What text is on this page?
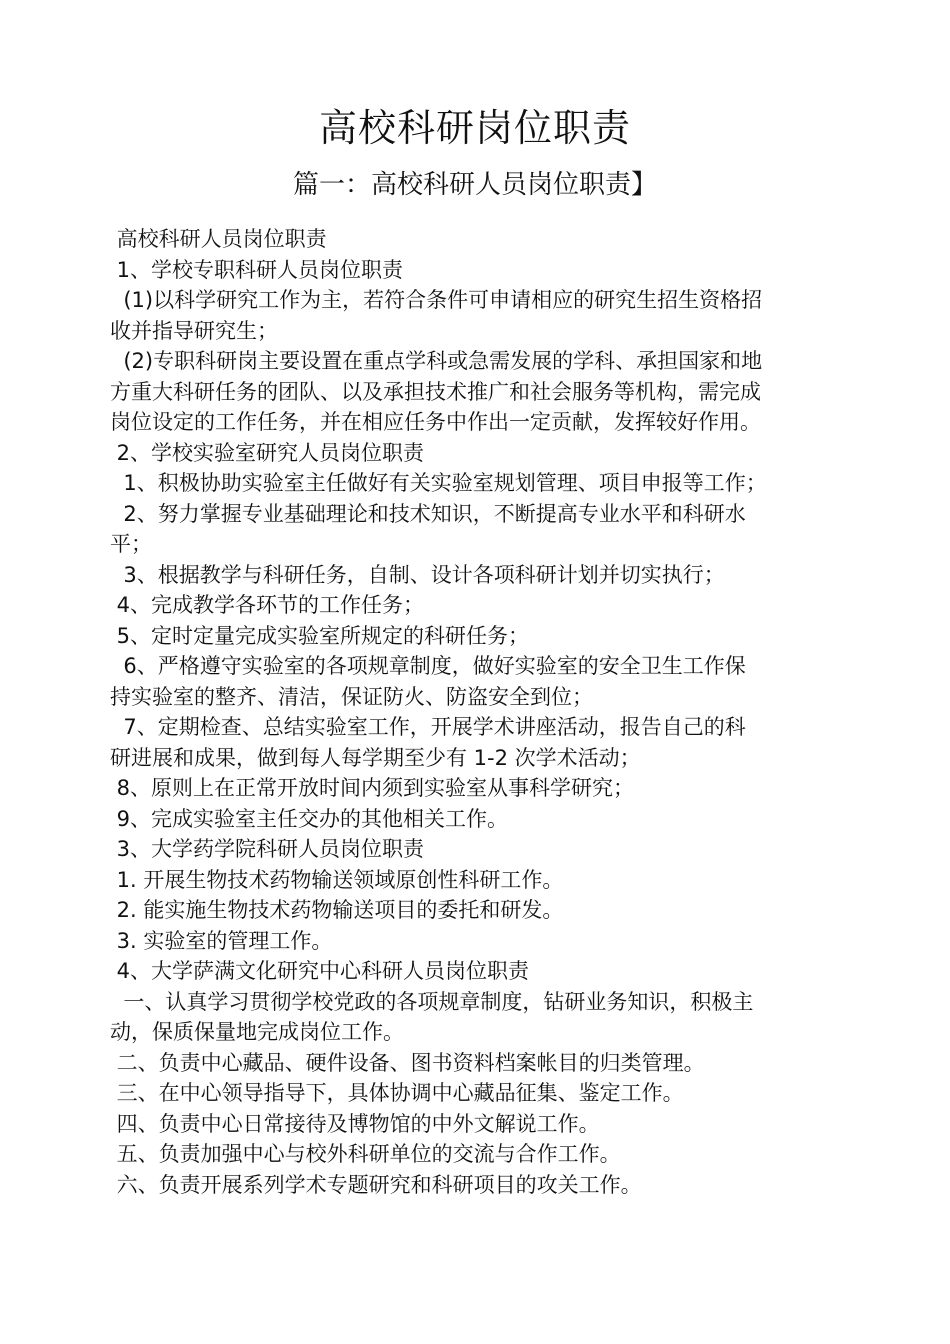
高校科研岗位职责
篇一：高校科研人员岗位职责】

高校科研人员岗位职责

1、学校专职科研人员岗位职责

(1)以科学研究工作为主，若符合条件可申请相应的研究生招生资格招

收并指导研究生；

(2)专职科研岗主要设置在重点学科或急需发展的学科、承担国家和地

方重大科研任务的团队、以及承担技术推广和社会服务等机构，需完成

岗位设定的工作任务，并在相应任务中作出一定贡献，发挥较好作用。

2、学校实验室研究人员岗位职责

1、积极协助实验室主任做好有关实验室规划管理、项目申报等工作；

2、努力掌握专业基础理论和技术知识，不断提高专业水平和科研水

平；

3、根据教学与科研任务，自制、设计各项科研计划并切实执行；

4、完成教学各环节的工作任务；

5、定时定量完成实验室所规定的科研任务；

6、严格遵守实验室的各项规章制度，做好实验室的安全卫生工作保

持实验室的整齐、清洁，保证防火、防盗安全到位；

7、定期检查、总结实验室工作，开展学术讲座活动，报告自己的科

研进展和成果，做到每人每学期至少有 1-2 次学术活动；

8、原则上在正常开放时间内须到实验室从事科学研究；

9、完成实验室主任交办的其他相关工作。

3、大学药学院科研人员岗位职责

1. 开展生物技术药物输送领域原创性科研工作。

2. 能实施生物技术药物输送项目的委托和研发。

3. 实验室的管理工作。

4、大学萨满文化研究中心科研人员岗位职责

一、认真学习贯彻学校党政的各项规章制度，钻研业务知识，积极主

动，保质保量地完成岗位工作。

二、负责中心藏品、硬件设备、图书资料档案帐目的归类管理。

三、在中心领导指导下，具体协调中心藏品征集、鉴定工作。

四、负责中心日常接待及博物馆的中外文解说工作。

五、负责加强中心与校外科研单位的交流与合作工作。

六、负责开展系列学术专题研究和科研项目的攻关工作。
